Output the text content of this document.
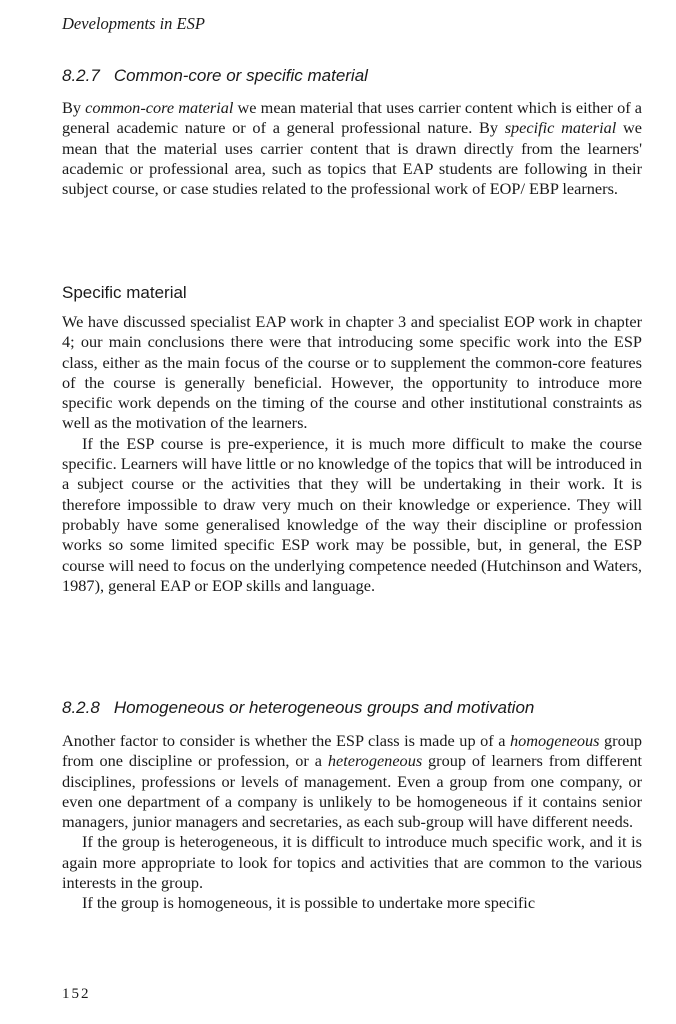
Developments in ESP
8.2.7 Common-core or specific material

By common-core material we mean material that uses carrier content which is either of a general academic nature or of a general professional nature. By specific material we mean that the material uses carrier content that is drawn directly from the learners' academic or professional area, such as topics that EAP students are following in their subject course, or case studies related to the professional work of EOP/ EBP learners.

Specific material

We have discussed specialist EAP work in chapter 3 and specialist EOP work in chapter 4; our main conclusions there were that introducing some specific work into the ESP class, either as the main focus of the course or to supplement the common-core features of the course is generally beneficial. However, the opportunity to introduce more specific work depends on the timing of the course and other institutional constraints as well as the motivation of the learners.

If the ESP course is pre-experience, it is much more difficult to make the course specific. Learners will have little or no knowledge of the topics that will be introduced in a subject course or the activities that they will be undertaking in their work. It is therefore impossible to draw very much on their knowledge or experience. They will probably have some generalised knowledge of the way their discipline or profession works so some limited specific ESP work may be possible, but, in general, the ESP course will need to focus on the underlying competence needed (Hutchinson and Waters, 1987), general EAP or EOP skills and language.

8.2.8 Homogeneous or heterogeneous groups and motivation

Another factor to consider is whether the ESP class is made up of a homogeneous group from one discipline or profession, or a heterogeneous group of learners from different disciplines, professions or levels of management. Even a group from one company, or even one department of a company is unlikely to be homogeneous if it contains senior managers, junior managers and secretaries, as each sub-group will have different needs.

If the group is heterogeneous, it is difficult to introduce much specific work, and it is again more appropriate to look for topics and activities that are common to the various interests in the group.

If the group is homogeneous, it is possible to undertake more specific

152
